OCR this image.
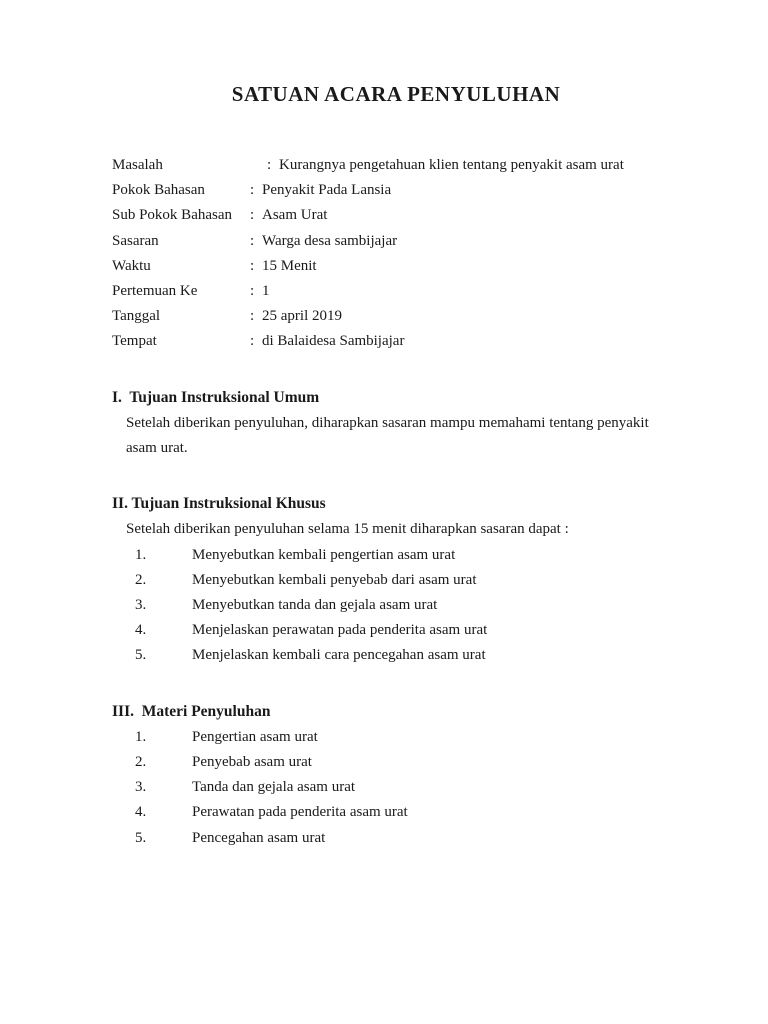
SATUAN ACARA PENYULUHAN
Masalah	: Kurangnya pengetahuan klien tentang penyakit asam urat
Pokok Bahasan	: Penyakit Pada Lansia
Sub Pokok Bahasan	: Asam Urat
Sasaran	: Warga desa sambijajar
Waktu	: 15 Menit
Pertemuan Ke	: 1
Tanggal	: 25 april 2019
Tempat	: di Balaidesa Sambijajar
I.  Tujuan Instruksional Umum

Setelah diberikan penyuluhan, diharapkan sasaran mampu memahami tentang penyakit asam urat.

II. Tujuan Instruksional Khusus

Setelah diberikan penyuluhan selama 15 menit diharapkan sasaran dapat :

1.	Menyebutkan kembali pengertian asam urat
2.	Menyebutkan kembali penyebab dari asam urat
3.	Menyebutkan tanda dan gejala asam urat
4.	Menjelaskan perawatan pada penderita asam urat
5.	Menjelaskan kembali cara pencegahan asam urat
III.  Materi Penyuluhan
1.	Pengertian asam urat
2.	Penyebab asam urat
3.	Tanda dan gejala asam urat
4.	Perawatan pada penderita asam urat
5.	Pencegahan asam urat
